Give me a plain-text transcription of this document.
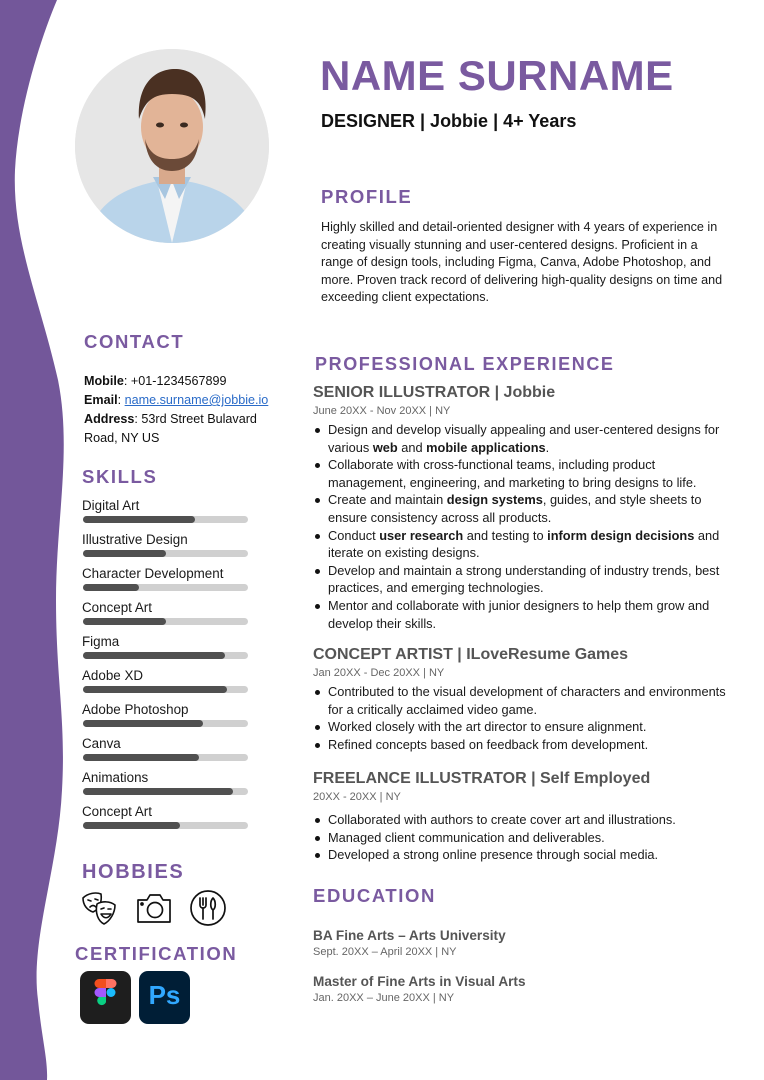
NAME SURNAME
DESIGNER | Jobbie | 4+ Years
PROFILE
Highly skilled and detail-oriented designer with 4 years of experience in creating visually stunning and user-centered designs. Proficient in a range of design tools, including Figma, Canva, Adobe Photoshop, and more. Proven track record of delivering high-quality designs on time and exceeding client expectations.
CONTACT
Mobile: +01-1234567899
Email: name.surname@jobbie.io
Address: 53rd Street Bulavard Road, NY US
SKILLS
Digital Art
Illustrative Design
Character Development
Concept Art
Figma
Adobe XD
Adobe Photoshop
Canva
Animations
Concept Art
HOBBIES
CERTIFICATION
Ps
PROFESSIONAL EXPERIENCE
SENIOR ILLUSTRATOR | Jobbie
June 20XX - Nov 20XX | NY
Design and develop visually appealing and user-centered designs for various web and mobile applications.
Collaborate with cross-functional teams, including product management, engineering, and marketing to bring designs to life.
Create and maintain design systems, guides, and style sheets to ensure consistency across all products.
Conduct user research and testing to inform design decisions and iterate on existing designs.
Develop and maintain a strong understanding of industry trends, best practices, and emerging technologies.
Mentor and collaborate with junior designers to help them grow and develop their skills.
CONCEPT ARTIST | ILoveResume Games
Jan 20XX - Dec 20XX | NY
Contributed to the visual development of characters and environments for a critically acclaimed video game.
Worked closely with the art director to ensure alignment.
Refined concepts based on feedback from development.
FREELANCE ILLUSTRATOR | Self Employed
20XX - 20XX | NY
Collaborated with authors to create cover art and illustrations.
Managed client communication and deliverables.
Developed a strong online presence through social media.
EDUCATION
BA Fine Arts – Arts University
Sept. 20XX – April 20XX | NY
Master of Fine Arts in Visual Arts
Jan. 20XX – June 20XX | NY
